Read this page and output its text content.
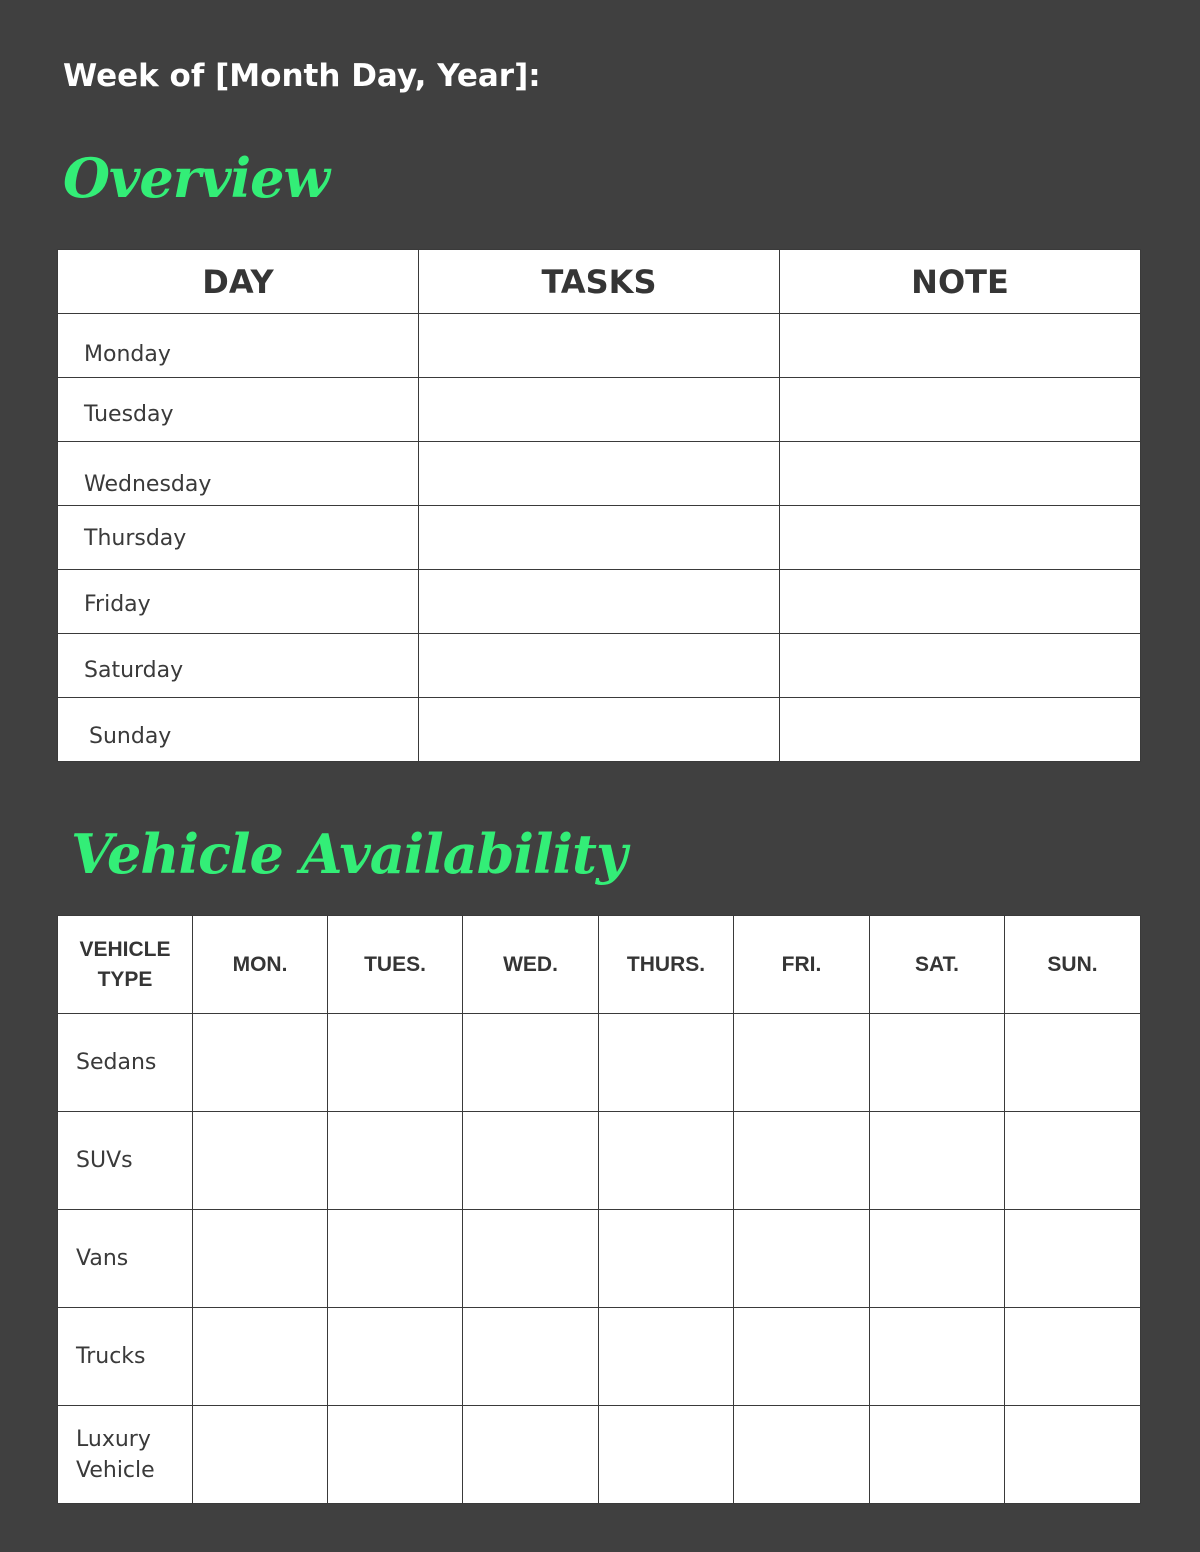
Week of [Month Day, Year]:
Overview
DAY	TASKS	NOTE
Monday		
Tuesday		
Wednesday		
Thursday		
Friday		
Saturday		
Sunday		
Vehicle Availability
VEHICLE
TYPE	MON.	TUES.	WED.	THURS.	FRI.	SAT.	SUN.

Sedans							

SUVs							

Vans							

Trucks							

Luxury
Vehicle							
